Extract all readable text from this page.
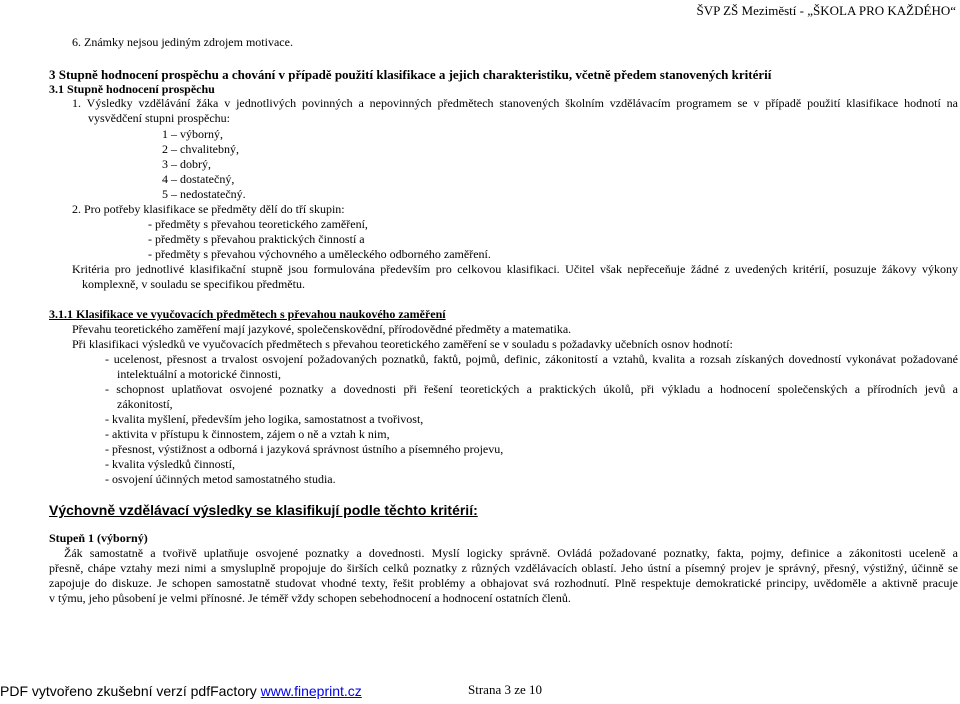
ŠVP ZŠ Meziměstí - „ŠKOLA PRO KAŽDÉHO“
6. Známky nejsou jediným zdrojem motivace.
3 Stupně hodnocení prospěchu a chování v případě použití klasifikace a jejich charakteristiku, včetně předem stanovených kritérií
3.1 Stupně hodnocení prospěchu
1. Výsledky vzdělávání žáka v jednotlivých povinných a nepovinných předmětech stanovených školním vzdělávacím programem se v případě použití klasifikace hodnotí na
vysvědčení stupni prospěchu:
1 – výborný,
2 – chvalitebný,
3 – dobrý,
4 – dostatečný,
5 – nedostatečný.
2. Pro potřeby klasifikace se předměty dělí do tří skupin:
- předměty s převahou teoretického zaměření,
- předměty s převahou praktických činností a
- předměty s převahou výchovného a uměleckého odborného zaměření.
Kritéria pro jednotlivé klasifikační stupně jsou formulována především pro celkovou klasifikaci. Učitel však nepřeceňuje žádné z uvedených kritérií, posuzuje žákovy výkony
komplexně, v souladu se specifikou předmětu.
3.1.1 Klasifikace ve vyučovacích předmětech s převahou naukového zaměření
Převahu teoretického zaměření mají jazykové, společenskovědní, přírodovědné předměty a matematika.
Při klasifikaci výsledků ve vyučovacích předmětech s převahou teoretického zaměření se v souladu s požadavky učebních osnov hodnotí:
- ucelenost, přesnost a trvalost osvojení požadovaných poznatků, faktů, pojmů, definic, zákonitostí a vztahů, kvalita a rozsah získaných dovedností vykonávat požadované
intelektuální a motorické činnosti,
- schopnost uplatňovat osvojené poznatky a dovednosti při řešení teoretických a praktických úkolů, při výkladu a hodnocení společenských a přírodních jevů a
zákonitostí,
- kvalita myšlení, především jeho logika, samostatnost a tvořivost,
- aktivita v přístupu k činnostem, zájem o ně a vztah k nim,
- přesnost, výstižnost a odborná i jazyková správnost ústního a písemného projevu,
- kvalita výsledků činností,
- osvojení účinných metod samostatného studia.
Výchovně vzdělávací výsledky se klasifikují podle těchto kritérií:
Stupeň 1 (výborný)
Žák samostatně a tvořivě uplatňuje osvojené poznatky a dovednosti. Myslí logicky správně. Ovládá požadované poznatky, fakta, pojmy, definice a zákonitosti uceleně a
přesně, chápe vztahy mezi nimi a smysluplně propojuje do širších celků poznatky z různých vzdělávacích oblastí. Jeho ústní a písemný projev je správný, přesný, výstižný, účinně se
zapojuje do diskuze. Je schopen samostatně studovat vhodné texty, řešit problémy a obhajovat svá rozhodnutí. Plně respektuje demokratické principy, uvědoměle a aktivně pracuje
v týmu, jeho působení je velmi přínosné. Je téměř vždy schopen sebehodnocení a hodnocení ostatních členů.
PDF vytvořeno zkušební verzí pdfFactory www.fineprint.cz	Strana 3 ze 10
